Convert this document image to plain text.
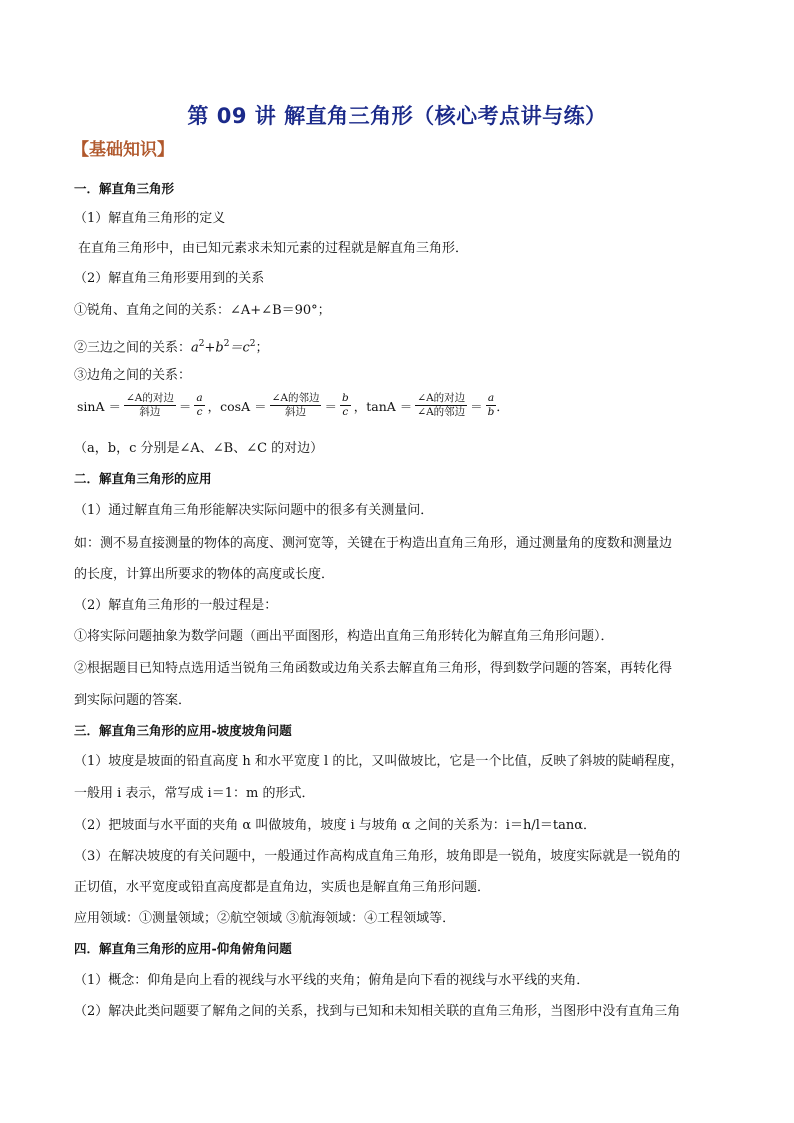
第 09 讲 解直角三角形（核心考点讲与练）
【基础知识】
一．解直角三角形
（1）解直角三角形的定义
在直角三角形中，由已知元素求未知元素的过程就是解直角三角形．
（2）解直角三角形要用到的关系
①锐角、直角之间的关系：∠A+∠B＝90°；
②三边之间的关系：$a^2+b^2=c^2$；
③边角之间的关系：
$\sin A = \frac{\text{∠A的对边}}{\text{斜边}} = \frac{a}{c}$ ，$\cos A = \frac{\text{∠A的邻边}}{\text{斜边}} = \frac{b}{c}$ ，$\tan A = \frac{\text{∠A的对边}}{\text{∠A的邻边}} = \frac{a}{b}$ ．
（a，b，c 分别是∠A、∠B、∠C 的对边）
二．解直角三角形的应用
（1）通过解直角三角形能解决实际问题中的很多有关测量问．
如：测不易直接测量的物体的高度、测河宽等，关键在于构造出直角三角形，通过测量角的度数和测量边
的长度，计算出所要求的物体的高度或长度．
（2）解直角三角形的一般过程是：
①将实际问题抽象为数学问题（画出平面图形，构造出直角三角形转化为解直角三角形问题）．
②根据题目已知特点选用适当锐角三角函数或边角关系去解直角三角形，得到数学问题的答案，再转化得
到实际问题的答案．
三．解直角三角形的应用-坡度坡角问题
（1）坡度是坡面的铅直高度 h 和水平宽度 l 的比，又叫做坡比，它是一个比值，反映了斜坡的陡峭程度，
一般用 i 表示，常写成 i＝1：m 的形式．
（2）把坡面与水平面的夹角 α 叫做坡角，坡度 i 与坡角 α 之间的关系为：i＝h/l＝tanα．
（3）在解决坡度的有关问题中，一般通过作高构成直角三角形，坡角即是一锐角，坡度实际就是一锐角的
正切值，水平宽度或铅直高度都是直角边，实质也是解直角三角形问题．
应用领域：①测量领域；②航空领域 ③航海领域：④工程领域等．
四．解直角三角形的应用-仰角俯角问题
（1）概念：仰角是向上看的视线与水平线的夹角；俯角是向下看的视线与水平线的夹角．
（2）解决此类问题要了解角之间的关系，找到与已知和未知相关联的直角三角形，当图形中没有直角三角
